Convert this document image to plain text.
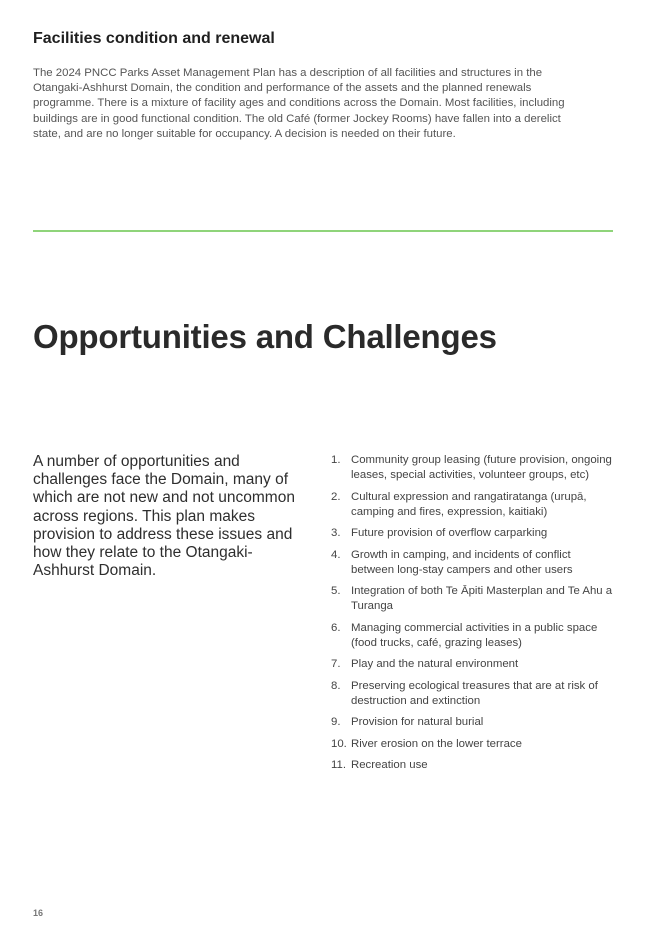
Facilities condition and renewal

The 2024 PNCC Parks Asset Management Plan has a description of all facilities and structures in the Otangaki-Ashhurst Domain, the condition and performance of the assets and the planned renewals programme. There is a mixture of facility ages and conditions across the Domain. Most facilities, including buildings are in good functional condition. The old Café (former Jockey Rooms) have fallen into a derelict state, and are no longer suitable for occupancy. A decision is needed on their future.

Opportunities and Challenges

A number of opportunities and challenges face the Domain, many of which are not new and not uncommon across regions. This plan makes provision to address these issues and how they relate to the Otangaki-Ashhurst Domain.

1. Community group leasing (future provision, ongoing leases, special activities, volunteer groups, etc)
2. Cultural expression and rangatiratanga (urupā, camping and fires, expression, kaitiaki)
3. Future provision of overflow carparking
4. Growth in camping, and incidents of conflict between long-stay campers and other users
5. Integration of both Te Āpiti Masterplan and Te Ahu a Turanga
6. Managing commercial activities in a public space (food trucks, café, grazing leases)
7. Play and the natural environment
8. Preserving ecological treasures that are at risk of destruction and extinction
9. Provision for natural burial
10. River erosion on the lower terrace
11. Recreation use
16
